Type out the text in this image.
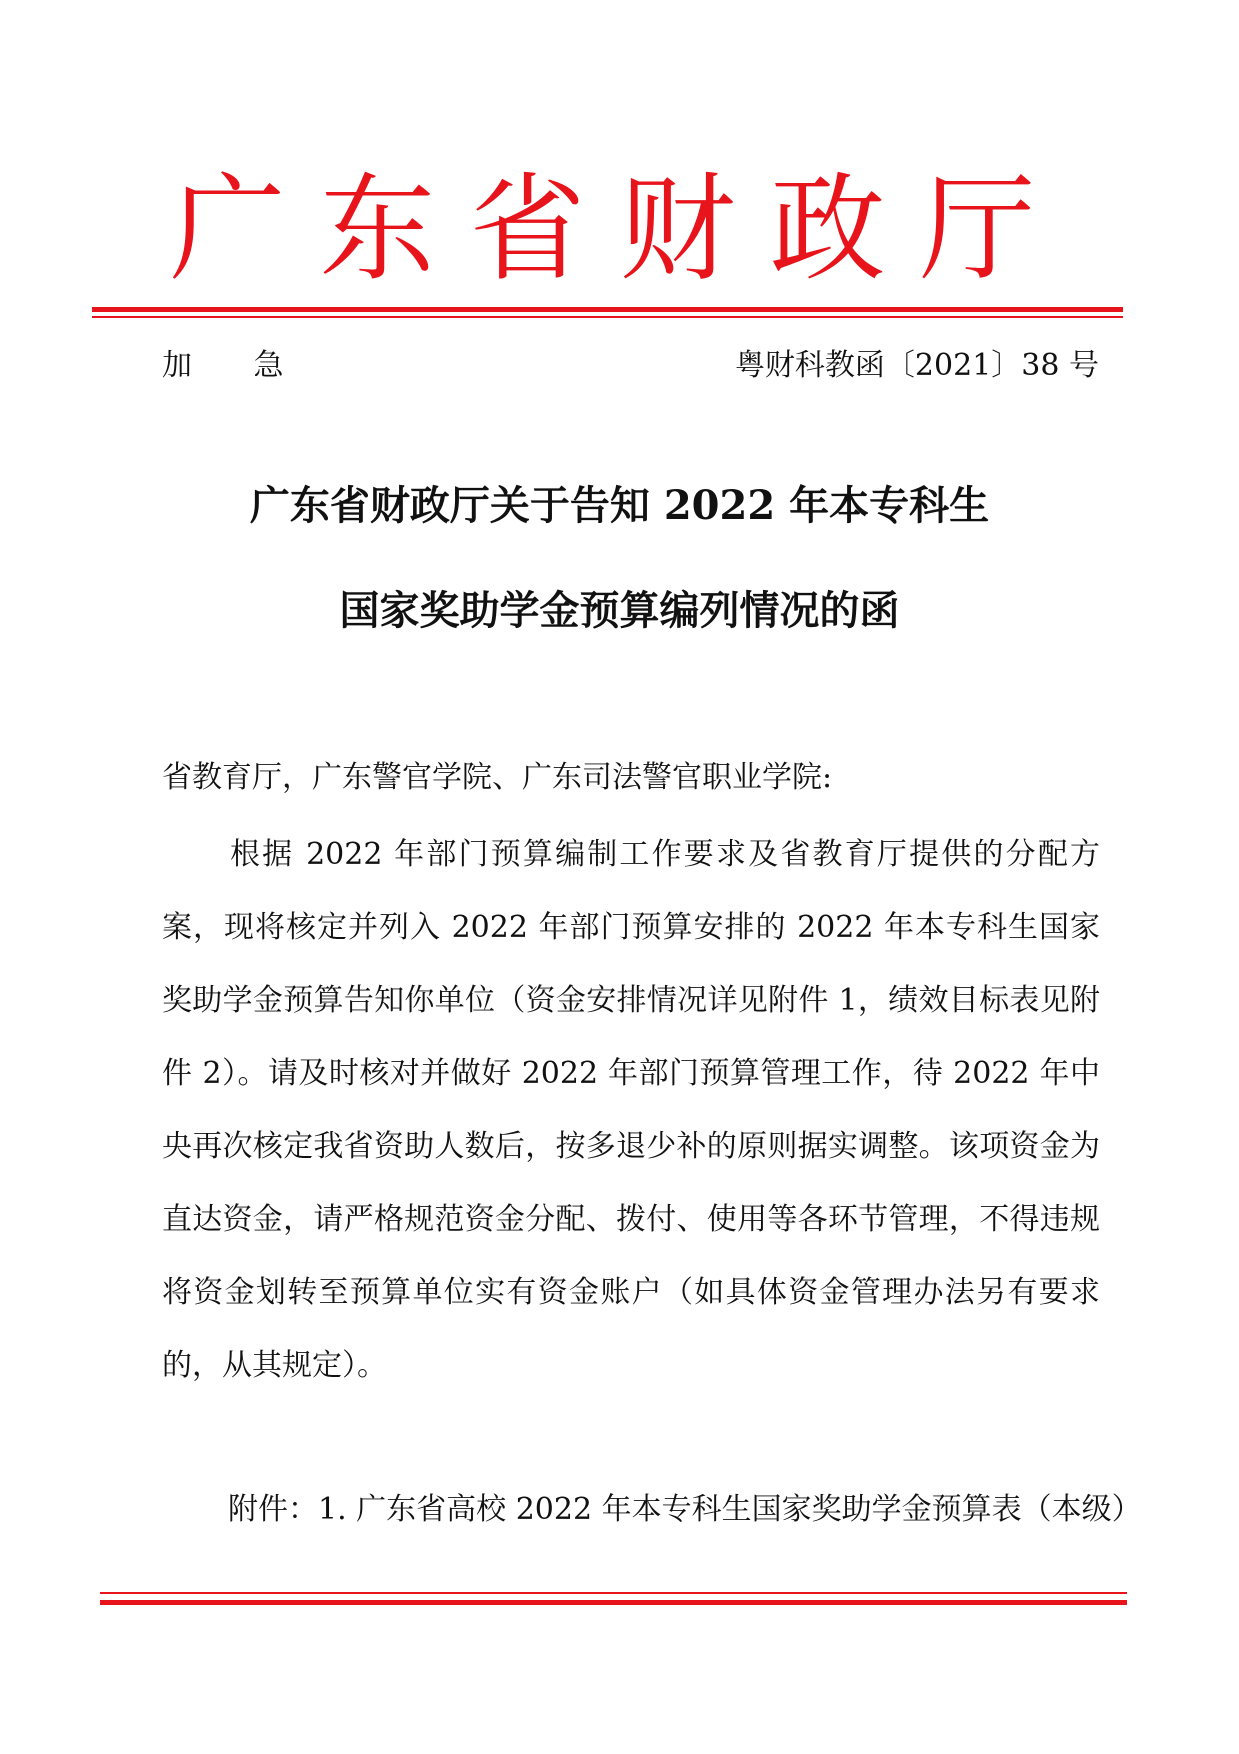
广东省财政厅
加 急	粤财科教函〔2021〕38 号
广东省财政厅关于告知 2022 年本专科生
国家奖助学金预算编列情况的函
省教育厅，广东警官学院、广东司法警官职业学院:

根据 2022 年部门预算编制工作要求及省教育厅提供的分配方案，现将核定并列入 2022 年部门预算安排的 2022 年本专科生国家奖助学金预算告知你单位（资金安排情况详见附件 1，绩效目标表见附件 2）。请及时核对并做好 2022 年部门预算管理工作，待 2022 年中央再次核定我省资助人数后，按多退少补的原则据实调整。该项资金为直达资金，请严格规范资金分配、拨付、使用等各环节管理，不得违规将资金划转至预算单位实有资金账户（如具体资金管理办法另有要求的，从其规定）。

附件：1. 广东省高校 2022 年本专科生国家奖助学金预算表（本级）
